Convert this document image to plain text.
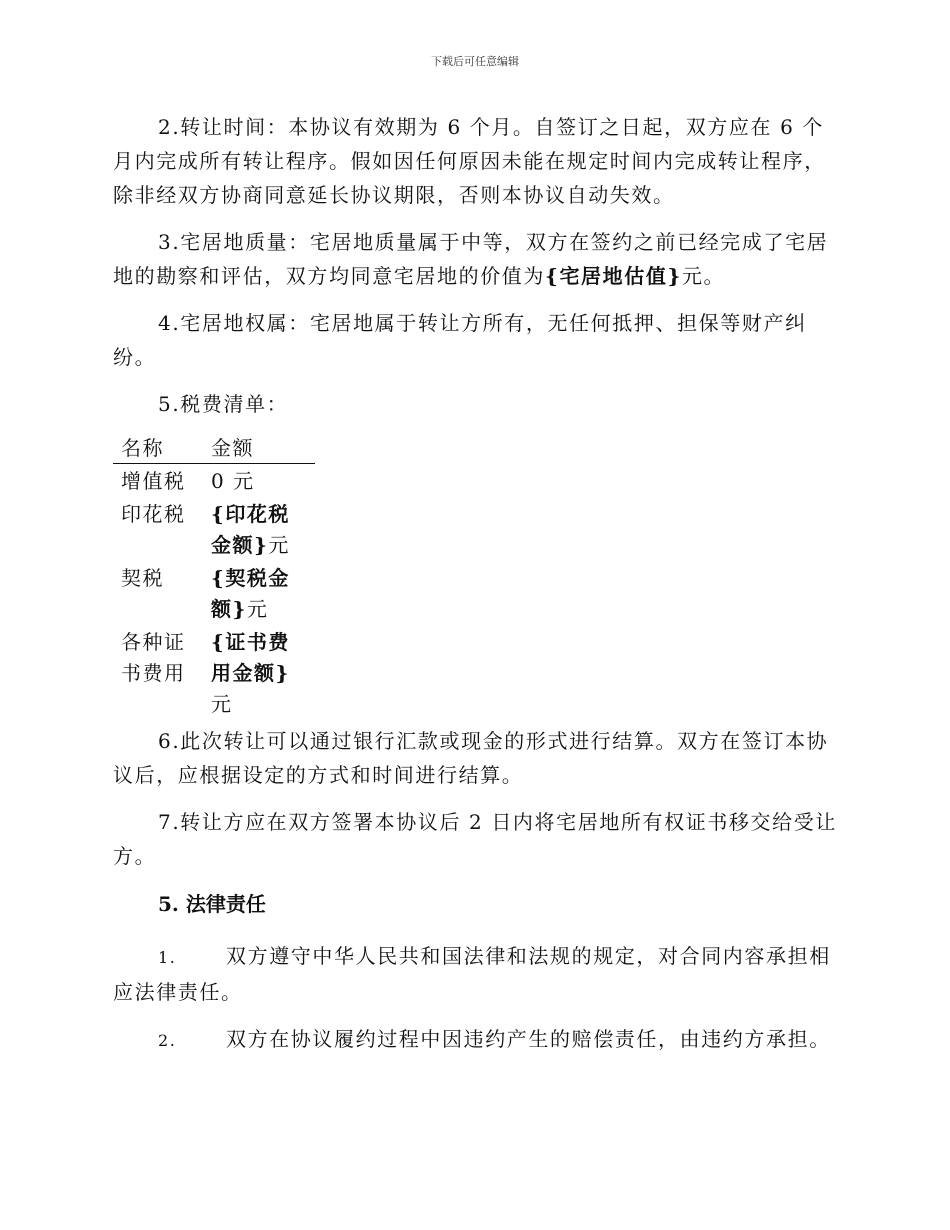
下载后可任意编辑

2.转让时间：本协议有效期为 6 个月。自签订之日起，双方应在 6 个月内完成所有转让程序。假如因任何原因未能在规定时间内完成转让程序，除非经双方协商同意延长协议期限，否则本协议自动失效。

3.宅居地质量：宅居地质量属于中等，双方在签约之前已经完成了宅居地的勘察和评估，双方均同意宅居地的价值为{宅居地估值}元。

4.宅居地权属：宅居地属于转让方所有，无任何抵押、担保等财产纠纷。

5.税费清单：

名称	金额
增值税	0 元
印花税	{印花税金额}元
契税	{契税金额}元
各种证书费用	{证书费用金额}元

6.此次转让可以通过银行汇款或现金的形式进行结算。双方在签订本协议后，应根据设定的方式和时间进行结算。

7.转让方应在双方签署本协议后 2 日内将宅居地所有权证书移交给受让方。

5. 法律责任
1. 双方遵守中华人民共和国法律和法规的规定，对合同内容承担相应法律责任。
2. 双方在协议履约过程中因违约产生的赔偿责任，由违约方承担。
